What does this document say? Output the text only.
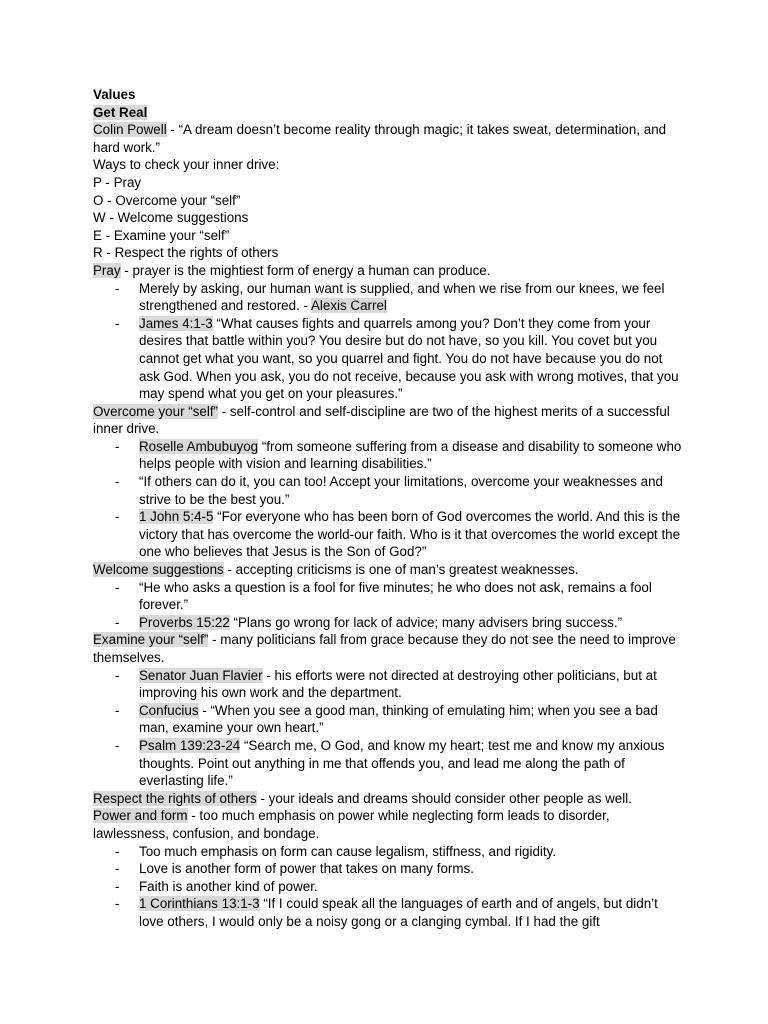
Values

Get Real

Colin Powell - “A dream doesn’t become reality through magic; it takes sweat, determination, and hard work.”

Ways to check your inner drive:

P - Pray

O - Overcome your “self”

W - Welcome suggestions

E - Examine your “self”

R - Respect the rights of others

Pray - prayer is the mightiest form of energy a human can produce.

- Merely by asking, our human want is supplied, and when we rise from our knees, we feel strengthened and restored. - Alexis Carrel
- James 4:1-3 “What causes fights and quarrels among you? Don’t they come from your desires that battle within you? You desire but do not have, so you kill. You covet but you cannot get what you want, so you quarrel and fight. You do not have because you do not ask God. When you ask, you do not receive, because you ask with wrong motives, that you may spend what you get on your pleasures.”

Overcome your “self” - self-control and self-discipline are two of the highest merits of a successful inner drive.

- Roselle Ambubuyog “from someone suffering from a disease and disability to someone who helps people with vision and learning disabilities.”
- “If others can do it, you can too! Accept your limitations, overcome your weaknesses and strive to be the best you.”
- 1 John 5:4-5 “For everyone who has been born of God overcomes the world. And this is the victory that has overcome the world-our faith. Who is it that overcomes the world except the one who believes that Jesus is the Son of God?”

Welcome suggestions - accepting criticisms is one of man’s greatest weaknesses.

- “He who asks a question is a fool for five minutes; he who does not ask, remains a fool forever.”
- Proverbs 15:22 “Plans go wrong for lack of advice; many advisers bring success.”

Examine your “self” - many politicians fall from grace because they do not see the need to improve themselves.

- Senator Juan Flavier - his efforts were not directed at destroying other politicians, but at improving his own work and the department.
- Confucius - “When you see a good man, thinking of emulating him; when you see a bad man, examine your own heart.”
- Psalm 139:23-24 “Search me, O God, and know my heart; test me and know my anxious thoughts. Point out anything in me that offends you, and lead me along the path of everlasting life.”

Respect the rights of others - your ideals and dreams should consider other people as well.

Power and form - too much emphasis on power while neglecting form leads to disorder, lawlessness, confusion, and bondage.

- Too much emphasis on form can cause legalism, stiffness, and rigidity.
- Love is another form of power that takes on many forms.
- Faith is another kind of power.
- 1 Corinthians 13:1-3 “If I could speak all the languages of earth and of angels, but didn’t love others, I would only be a noisy gong or a clanging cymbal. If I had the gift
